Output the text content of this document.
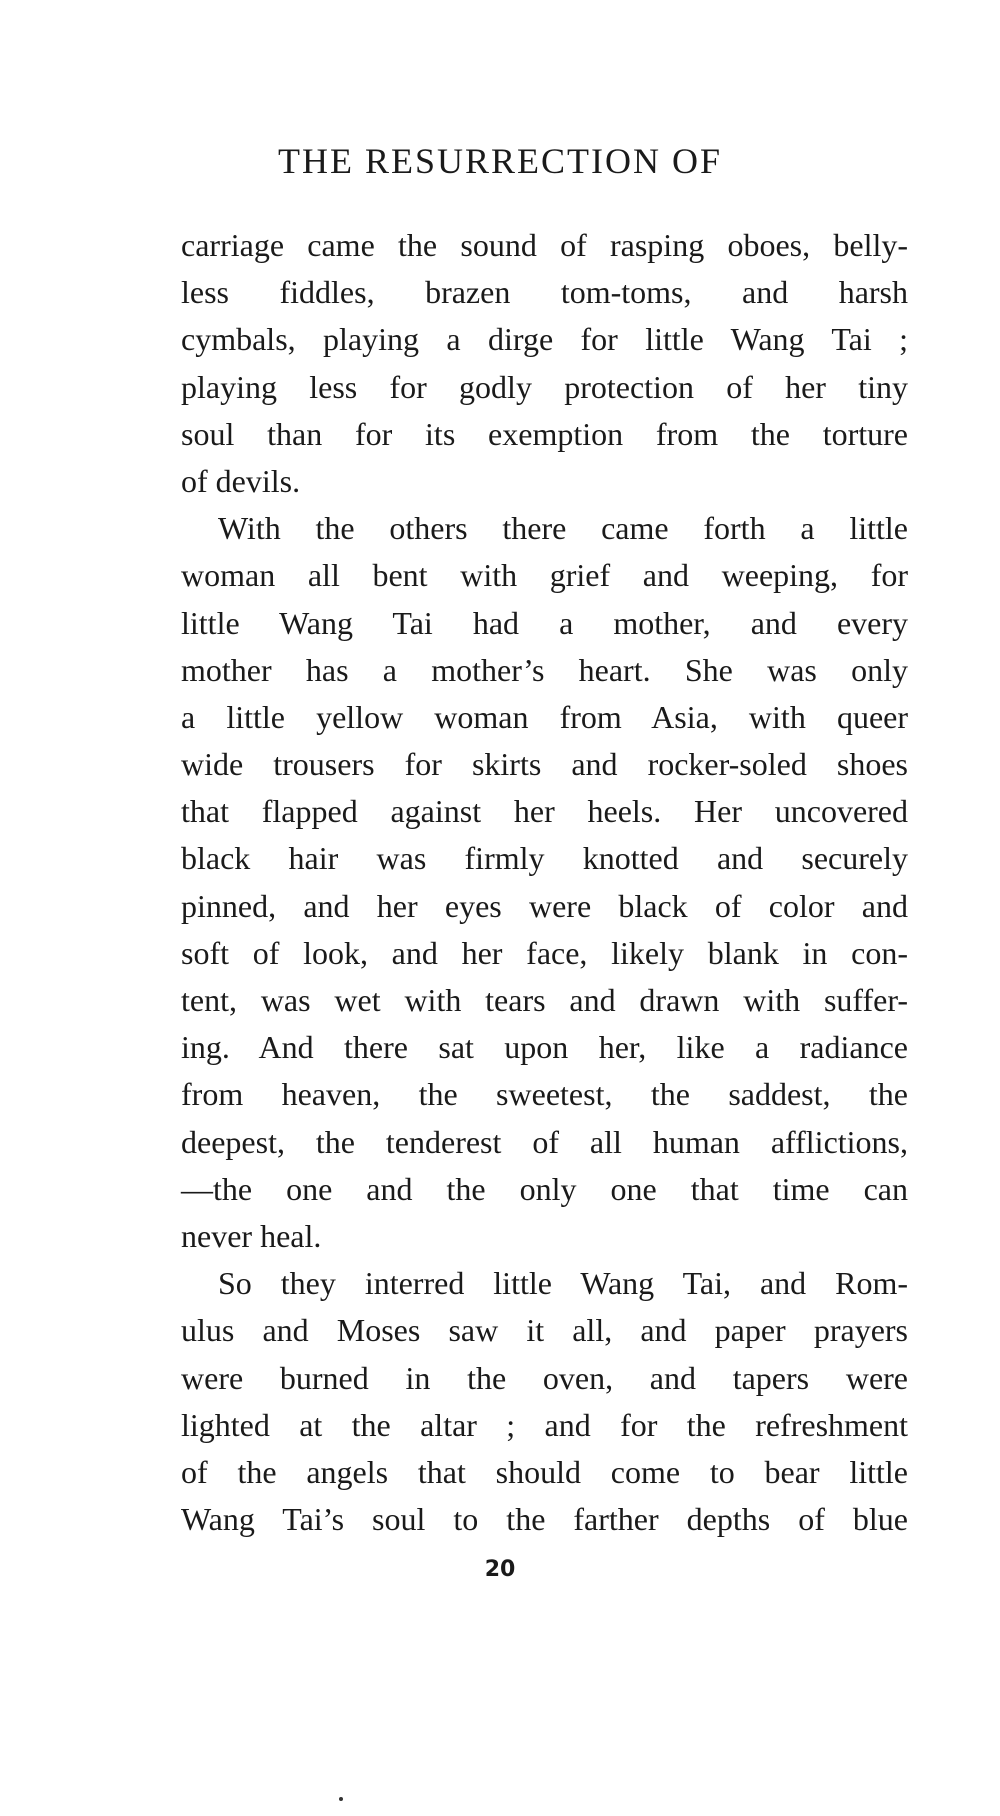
THE RESURRECTION OF
carriage came the sound of rasping oboes, belly-
less fiddles, brazen tom-toms, and harsh
cymbals, playing a dirge for little Wang Tai ;
playing less for godly protection of her tiny
soul than for its exemption from the torture
of devils.
With the others there came forth a little
woman all bent with grief and weeping, for
little Wang Tai had a mother, and every
mother has a mother’s heart. She was only
a little yellow woman from Asia, with queer
wide trousers for skirts and rocker-soled shoes
that flapped against her heels. Her uncovered
black hair was firmly knotted and securely
pinned, and her eyes were black of color and
soft of look, and her face, likely blank in con-
tent, was wet with tears and drawn with suffer-
ing. And there sat upon her, like a radiance
from heaven, the sweetest, the saddest, the
deepest, the tenderest of all human afflictions,
—the one and the only one that time can
never heal.
So they interred little Wang Tai, and Rom-
ulus and Moses saw it all, and paper prayers
were burned in the oven, and tapers were
lighted at the altar ; and for the refreshment
of the angels that should come to bear little
Wang Tai’s soul to the farther depths of blue
20
